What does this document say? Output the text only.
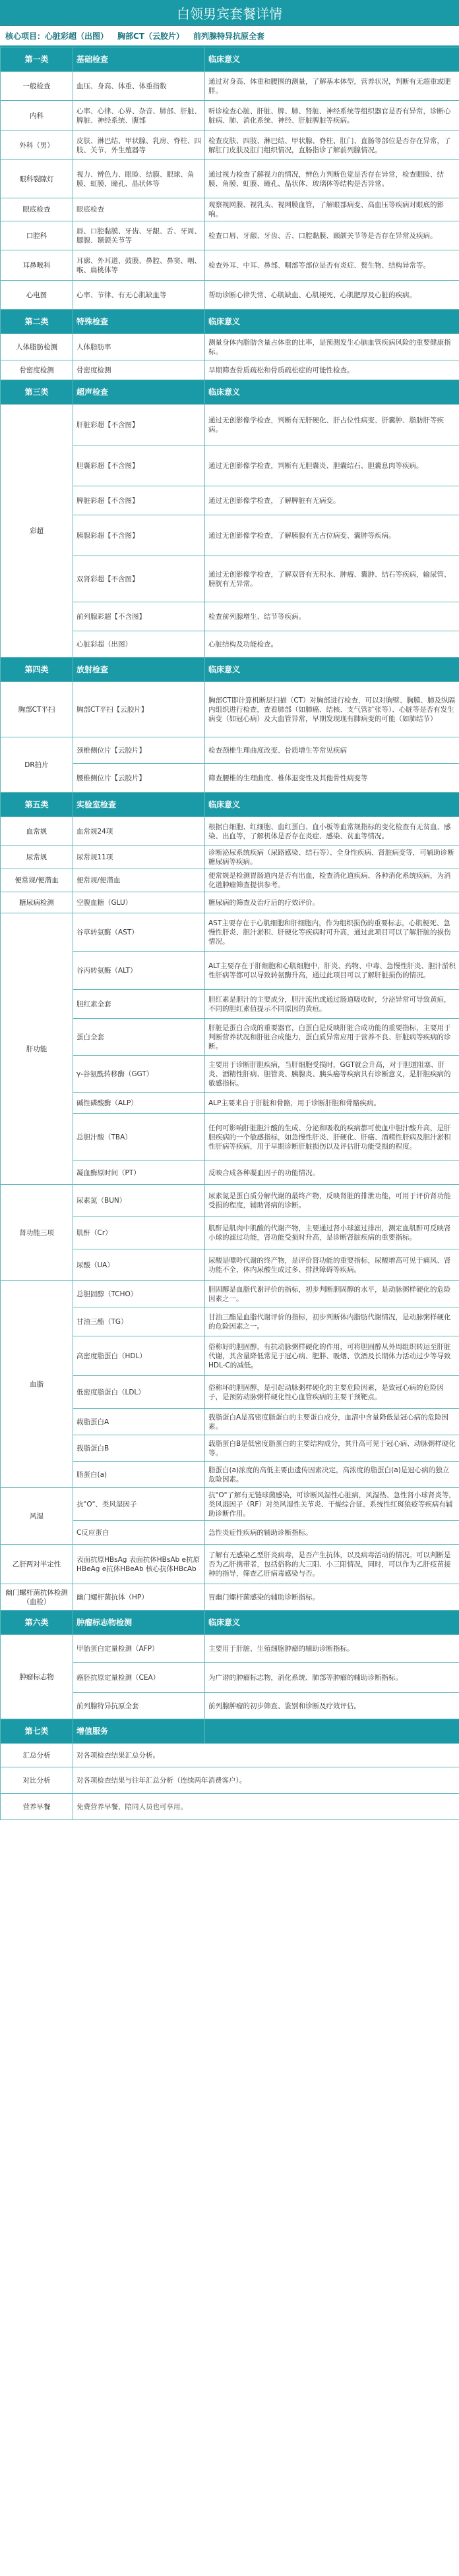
白领男宾套餐详情
核心项目：心脏彩超（出图） 胸部CT（云胶片） 前列腺特异抗原全套
第一类	基础检查	临床意义
一般检查	血压、身高、体重、体重指数	通过对身高、体重和腰围的测量，了解基本体型，营养状况，判断有无超重或肥胖。
内科	心率、心律、心界、杂音、肺部、肝脏、脾脏、神经系统、腹部	听诊检查心脏、肝脏、脾、肺、肾脏、神经系统等组织器官是否有异常，诊断心脏病、肺、消化系统、神经、肝脏脾脏等疾病。
外科（男）	皮肤、淋巴结、甲状腺、乳房、脊柱、四肢、关节、外生殖器等	检查皮肤、四肢、淋巴结、甲状腺、脊柱、肛门、直肠等部位是否存在异常，了解肛门皮肤及肛门组织情况，直肠指诊了解前列腺情况。
眼科裂隙灯	视力、辨色力、眼睑、结膜、眼球、角膜、虹膜、瞳孔、晶状体等	通过视力检查了解视力的情况，辨色力判断色觉是否存在异常，检查眼睑、结膜、角膜、虹膜、瞳孔、晶状体、玻璃体等结构是否异常。
眼底检查	眼底检查	观察视网膜、视乳头、视网膜血管，了解眼部病变、高血压等疾病对眼底的影响。
口腔科	唇、口腔黏膜、牙齿、牙龈、舌、牙周、腮腺、颞颌关节等	检查口唇、牙龈、牙齿、舌、口腔黏膜、颞颌关节等是否存在异常及疾病。
耳鼻喉科	耳廓、外耳道、鼓膜、鼻腔、鼻窦、咽、喉、扁桃体等	检查外耳、中耳、鼻部、咽部等部位是否有炎症、赘生物、结构异常等。
心电图	心率、节律、有无心肌缺血等	帮助诊断心律失常、心肌缺血、心肌梗死、心肌肥厚及心脏的疾病。
第二类	特殊检查	临床意义
人体脂肪检测	人体脂肪率	测量身体内脂肪含量占体重的比率，是预测发生心脑血管疾病风险的重要健康指标。
骨密度检测	骨密度检测	早期筛查骨质疏松和骨质疏松症的可能性检查。
第三类	超声检查	临床意义
彩超	肝脏彩超【不含图】	通过无创影像学检查，判断有无肝硬化、肝占位性病变、肝囊肿、脂肪肝等疾病。
	胆囊彩超【不含图】	通过无创影像学检查，判断有无胆囊炎、胆囊结石、胆囊息肉等疾病。
	脾脏彩超【不含图】	通过无创影像学检查，了解脾脏有无病变。
	胰腺彩超【不含图】	通过无创影像学检查，了解胰腺有无占位病变、囊肿等疾病。
	双肾彩超【不含图】	通过无创影像学检查，了解双肾有无积水、肿瘤、囊肿、结石等疾病，输尿管、膀胱有无异常。
	前列腺彩超【不含图】	检查前列腺增生、结节等疾病。
	心脏彩超（出图）	心脏结构及功能检查。
第四类	放射检查	临床意义
胸部CT平扫	胸部CT平扫【云胶片】	胸部CT即计算机断层扫描（CT）对胸部进行检查，可以对胸壁、胸膜、肺及纵隔内组织进行检查，查看肺部（如肺癌、结核、支气管扩张等）、心脏等是否有发生病变（如冠心病）及大血管异常，早期发现现有肺病变的可能（如肺结节）
DR拍片	颈椎侧位片【云胶片】	检查颈椎生理曲度改变、骨质增生等常见疾病
	腰椎侧位片【云胶片】	筛查腰椎的生理曲度、椎体退变性及其他骨性病变等
第五类	实验室检查	临床意义
血常规	血常规24项	根据白细胞、红细胞、血红蛋白、血小板等血常规指标的变化检查有无贫血、感染、出血等，了解机体是否存在炎症、感染、贫血等情况。
尿常规	尿常规11项	诊断泌尿系统疾病（尿路感染、结石等）、全身性疾病、肾脏病变等，可辅助诊断糖尿病等疾病。
便常规/便潜血	便常规/便潜血	便常规是检测胃肠道内是否有出血，检查消化道疾病、各种消化系统疾病，为消化道肿瘤筛查提供参考。
糖尿病检测	空腹血糖（GLU）	糖尿病的筛查及治疗后的疗效评价。
肝功能	谷草转氨酶（AST）	AST主要存在于心肌细胞和肝细胞内，作为组织损伤的重要标志，心肌梗死、急慢性肝炎、胆汁淤积、肝硬化等疾病时可升高，通过此项目可以了解肝脏的损伤情况。
	谷丙转氨酶（ALT）	ALT主要存在于肝细胞和心肌细胞中，肝炎、药物、中毒、急慢性肝炎、胆汁淤积性肝病等都可以导致转氨酶升高，通过此项目可以了解肝脏损伤的情况。
	胆红素全套	胆红素是胆汁的主要成分，胆汁流出或通过肠道吸收时，分泌异常可导致黄疸，不同的胆红素值提示不同原因的黄疸。
	蛋白全套	肝脏是蛋白合成的重要器官，白蛋白是反映肝脏合成功能的重要指标，主要用于判断营养状况和肝脏合成能力，蛋白质异常应用于营养不良、肝脏病等疾病的诊断。
	γ-谷氨酰转移酶（GGT）	主要用于诊断肝胆疾病，当肝细胞受损时，GGT就会升高，对于胆道阻塞、肝炎、酒精性肝病、胆管炎、胰腺炎、胰头癌等疾病具有诊断意义，是肝胆疾病的敏感指标。
	碱性磷酸酶（ALP）	ALP主要来自于肝脏和骨骼，用于诊断肝胆和骨骼疾病。
	总胆汁酸（TBA）	任何可影响肝脏胆汁酸的生成、分泌和吸收的疾病都可使血中胆汁酸升高，是肝胆疾病的一个敏感指标，如急慢性肝炎、肝硬化、肝癌、酒精性肝病及胆汁淤积性肝病等疾病，用于早期诊断肝脏损伤以及评估肝功能受损的程度。
	凝血酶原时间（PT）	反映合成各种凝血因子的功能情况。
肾功能三项	尿素氮（BUN）	尿素氮是蛋白质分解代谢的最终产物，反映肾脏的排泄功能，可用于评价肾功能受损的程度，辅助肾病的诊断。
	肌酐（Cr）	肌酐是肌肉中肌酸的代谢产物，主要通过肾小球滤过排出，测定血肌酐可反映肾小球的滤过功能，肾功能受损时升高，是诊断肾脏疾病的重要指标。
	尿酸（UA）	尿酸是嘌呤代谢的终产物，是评价肾功能的重要指标，尿酸增高可见于痛风、肾功能不全、体内尿酸生成过多、排泄障碍等疾病。
血脂	总胆固醇（TCHO）	胆固醇是血脂代谢评价的指标，初步判断胆固醇的水平，是动脉粥样硬化的危险因素之一。
	甘油三酯（TG）	甘油三酯是血脂代谢评价的指标，初步判断体内脂肪代谢情况，是动脉粥样硬化的危险因素之一。
	高密度脂蛋白（HDL）	俗称好的胆固醇，有抗动脉粥样硬化的作用，可将胆固醇从外周组织转运至肝脏代谢，其含量降低常见于冠心病、肥胖、吸烟、饮酒及长期体力活动过少等导致HDL-C的减低。
	低密度脂蛋白（LDL）	俗称坏的胆固醇，是引起动脉粥样硬化的主要危险因素，是致冠心病的危险因子，是预防动脉粥样硬化性心血管疾病的主要干预靶点。
	载脂蛋白A	载脂蛋白A是高密度脂蛋白的主要蛋白成分，血清中含量降低是冠心病的危险因素。
	载脂蛋白B	载脂蛋白B是低密度脂蛋白的主要结构成分，其升高可见于冠心病、动脉粥样硬化等。
	脂蛋白(a)	脂蛋白(a)浓度的高低主要由遗传因素决定，高浓度的脂蛋白(a)是冠心病的独立危险因素。
风湿	抗"O"、类风湿因子	抗"O"了解有无链球菌感染，可诊断风湿性心脏病，风湿热、急性肾小球肾炎等，类风湿因子（RF）对类风湿性关节炎、干燥综合征、系统性红斑狼疮等疾病有辅助诊断作用。
	C反应蛋白	急性炎症性疾病的辅助诊断指标。
乙肝两对半定性	表面抗原HBsAg 表面抗体HBsAb e抗原HBeAg e抗体HBeAb 核心抗体HBcAb	了解有无感染乙型肝炎病毒，是否产生抗体，以及病毒活动的情况。可以判断是否为乙肝携带者，包括俗称的大三阳、小三阳情况，同时，可以作为乙肝疫苗接种的指导，筛查乙肝病毒感染与否。
幽门螺杆菌抗体检测（血检）	幽门螺杆菌抗体（HP）	胃幽门螺杆菌感染的辅助诊断指标。
第六类	肿瘤标志物检测	临床意义
肿瘤标志物	甲胎蛋白定量检测（AFP）	主要用于肝脏、生殖细胞肿瘤的辅助诊断指标。
	癌胚抗原定量检测（CEA）	为广谱的肿瘤标志物，消化系统、肺部等肿瘤的辅助诊断指标。
	前列腺特异抗原全套	前列腺肿瘤的初步筛查、鉴别和诊断及疗效评估。
第七类	增值服务	
汇总分析	对各项检查结果汇总分析。	
对比分析	对各项检查结果与往年汇总分析（连续两年消费客户）。	
营养早餐	免费营养早餐，陪同人员也可享用。	
